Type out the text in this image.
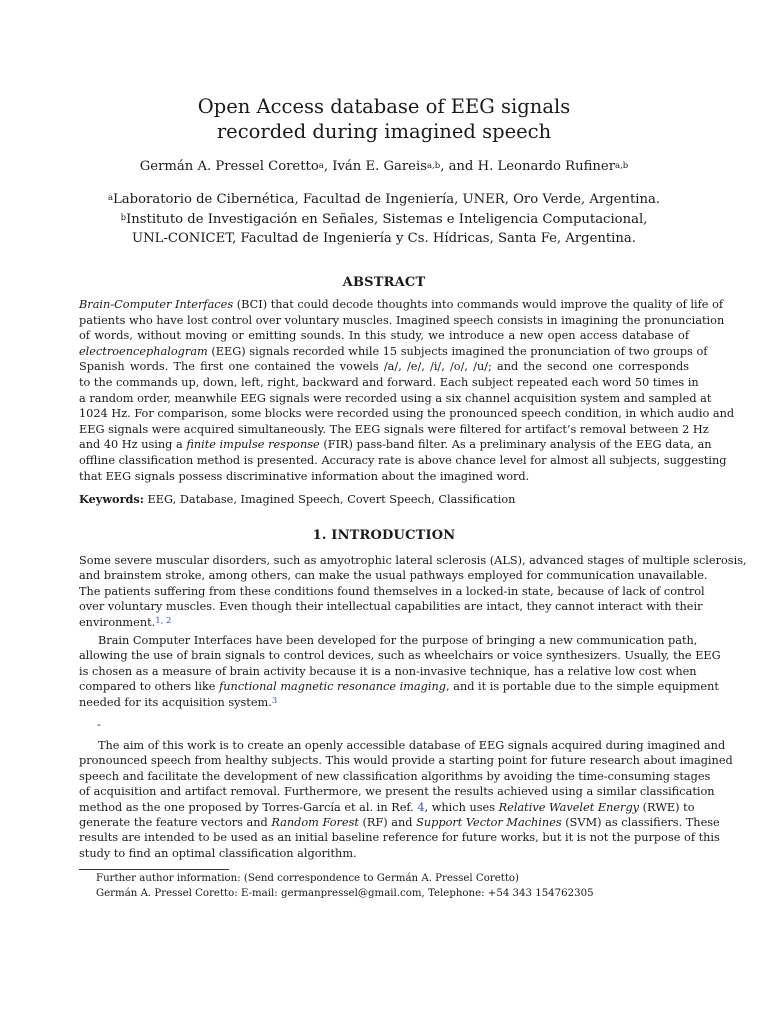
Open Access database of EEG signals
recorded during imagined speech
Germán A. Pressel Coretto$^a$, Iván E. Gareis$^{a,b}$, and H. Leonardo Rufiner$^{a,b}$
$^a$Laboratorio de Cibernética, Facultad de Ingeniería, UNER, Oro Verde, Argentina.
$^b$Instituto de Investigación en Señales, Sistemas e Inteligencia Computacional,
UNL-CONICET, Facultad de Ingeniería y Cs. Hídricas, Santa Fe, Argentina.
ABSTRACT
Brain-Computer Interfaces (BCI) that could decode thoughts into commands would improve the quality of life of
patients who have lost control over voluntary muscles. Imagined speech consists in imagining the pronunciation
of words, without moving or emitting sounds. In this study, we introduce a new open access database of
electroencephalogram (EEG) signals recorded while 15 subjects imagined the pronunciation of two groups of
Spanish words. The first one contained the vowels /a/, /e/, /i/, /o/, /u/; and the second one corresponds
to the commands up, down, left, right, backward and forward. Each subject repeated each word 50 times in
a random order, meanwhile EEG signals were recorded using a six channel acquisition system and sampled at
1024 Hz. For comparison, some blocks were recorded using the pronounced speech condition, in which audio and
EEG signals were acquired simultaneously. The EEG signals were filtered for artifact’s removal between 2 Hz
and 40 Hz using a finite impulse response (FIR) pass-band filter. As a preliminary analysis of the EEG data, an
offline classification method is presented. Accuracy rate is above chance level for almost all subjects, suggesting
that EEG signals possess discriminative information about the imagined word.
Keywords: EEG, Database, Imagined Speech, Covert Speech, Classification
1. INTRODUCTION
Some severe muscular disorders, such as amyotrophic lateral sclerosis (ALS), advanced stages of multiple sclerosis,
and brainstem stroke, among others, can make the usual pathways employed for communication unavailable.
The patients suffering from these conditions found themselves in a locked-in state, because of lack of control
over voluntary muscles. Even though their intellectual capabilities are intact, they cannot interact with their
environment.$^{1, 2}$
Brain Computer Interfaces have been developed for the purpose of bringing a new communication path,
allowing the use of brain signals to control devices, such as wheelchairs or voice synthesizers. Usually, the EEG
is chosen as a measure of brain activity because it is a non-invasive technique, has a relative low cost when
compared to others like functional magnetic resonance imaging, and it is portable due to the simple equipment
needed for its acquisition system.$^3$
-
The aim of this work is to create an openly accessible database of EEG signals acquired during imagined and
pronounced speech from healthy subjects. This would provide a starting point for future research about imagined
speech and facilitate the development of new classification algorithms by avoiding the time-consuming stages
of acquisition and artifact removal. Furthermore, we present the results achieved using a similar classification
method as the one proposed by Torres-García et al. in Ref. 4, which uses Relative Wavelet Energy (RWE) to
generate the feature vectors and Random Forest (RF) and Support Vector Machines (SVM) as classifiers. These
results are intended to be used as an initial baseline reference for future works, but it is not the purpose of this
study to find an optimal classification algorithm.
Further author information: (Send correspondence to Germán A. Pressel Coretto)
Germán A. Pressel Coretto: E-mail: germanpressel@gmail.com, Telephone: +54 343 154762305
